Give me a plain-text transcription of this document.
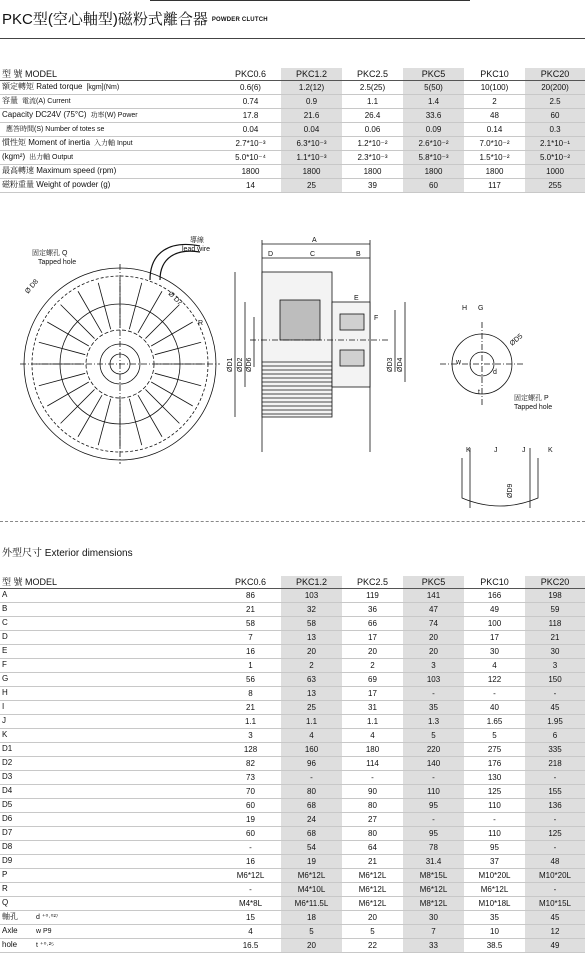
PKC型(空心軸型)磁粉式離合器 POWDER CLUTCH
型 號 MODEL	PKC0.6	PKC1.2	PKC2.5	PKC5	PKC10	PKC20
額定轉矩 Rated torque [kgm](Nm)	0.6(6)	1.2(12)	2.5(25)	5(50)	10(100)	20(200)
容量 電流(A) Current	0.74	0.9	1.1	1.4	2	2.5
Capacity DC24V (75°C) 功率(W) Power	17.8	21.6	26.4	33.6	48	60
應答時間(S) Number of totes se	0.04	0.04	0.06	0.09	0.14	0.3
慣性矩 Moment of inertia 入力軸 Input	2.7*10⁻³	6.3*10⁻³	1.2*10⁻²	2.6*10⁻²	7.0*10⁻²	2.1*10⁻¹
(kgm²) 出力軸 Output	5.0*10⁻⁴	1.1*10⁻³	2.3*10⁻³	5.8*10⁻³	1.5*10⁻²	5.0*10⁻²
最高轉速 Maximum speed (rpm)	1800	1800	1800	1800	1800	1000
磁粉重量 Weight of powder (g)	14	25	39	60	117	255
固定螺孔 Q
Tapped hole
導線
lead wire
Ø D8
Ø D7
R
A
D	C	B
E
F
ØD1 ØD2 ØD6	ØD3 ØD4
ØD5
w
t
d
H G
固定螺孔 P
Tapped hole
K	J	J	K
ØD9
外型尺寸 Exterior dimensions
型 號 MODEL	PKC0.6	PKC1.2	PKC2.5	PKC5	PKC10	PKC20
A	86	103	119	141	166	198
B	21	32	36	47	49	59
C	58	58	66	74	100	118
D	7	13	17	20	17	21
E	16	20	20	20	30	30
F	1	2	2	3	4	3
G	56	63	69	103	122	150
H	8	13	17	-	-	-
I	21	25	31	35	40	45
J	1.1	1.1	1.1	1.3	1.65	1.95
K	3	4	4	5	5	6
D1	128	160	180	220	275	335
D2	82	96	114	140	176	218
D3	73	-	-	-	130	-
D4	70	80	90	110	125	155
D5	60	68	80	95	110	136
D6	19	24	27	-	-	-
D7	60	68	80	95	110	125
D8	-	54	64	78	95	-
D9	16	19	21	31.4	37	48
P	M6*12L	M6*12L	M6*12L	M8*15L	M10*20L	M10*20L
R	-	M4*10L	M6*12L	M6*12L	M6*12L	-
Q	M4*8L	M6*11.5L	M6*12L	M8*12L	M10*18L	M10*15L
軸孔 d ⁺⁰·⁰²⁷	15	18	20	30	35	45
Axle w P9	4	5	5	7	10	12
hole t ⁺⁰·²⁵	16.5	20	22	33	38.5	49
